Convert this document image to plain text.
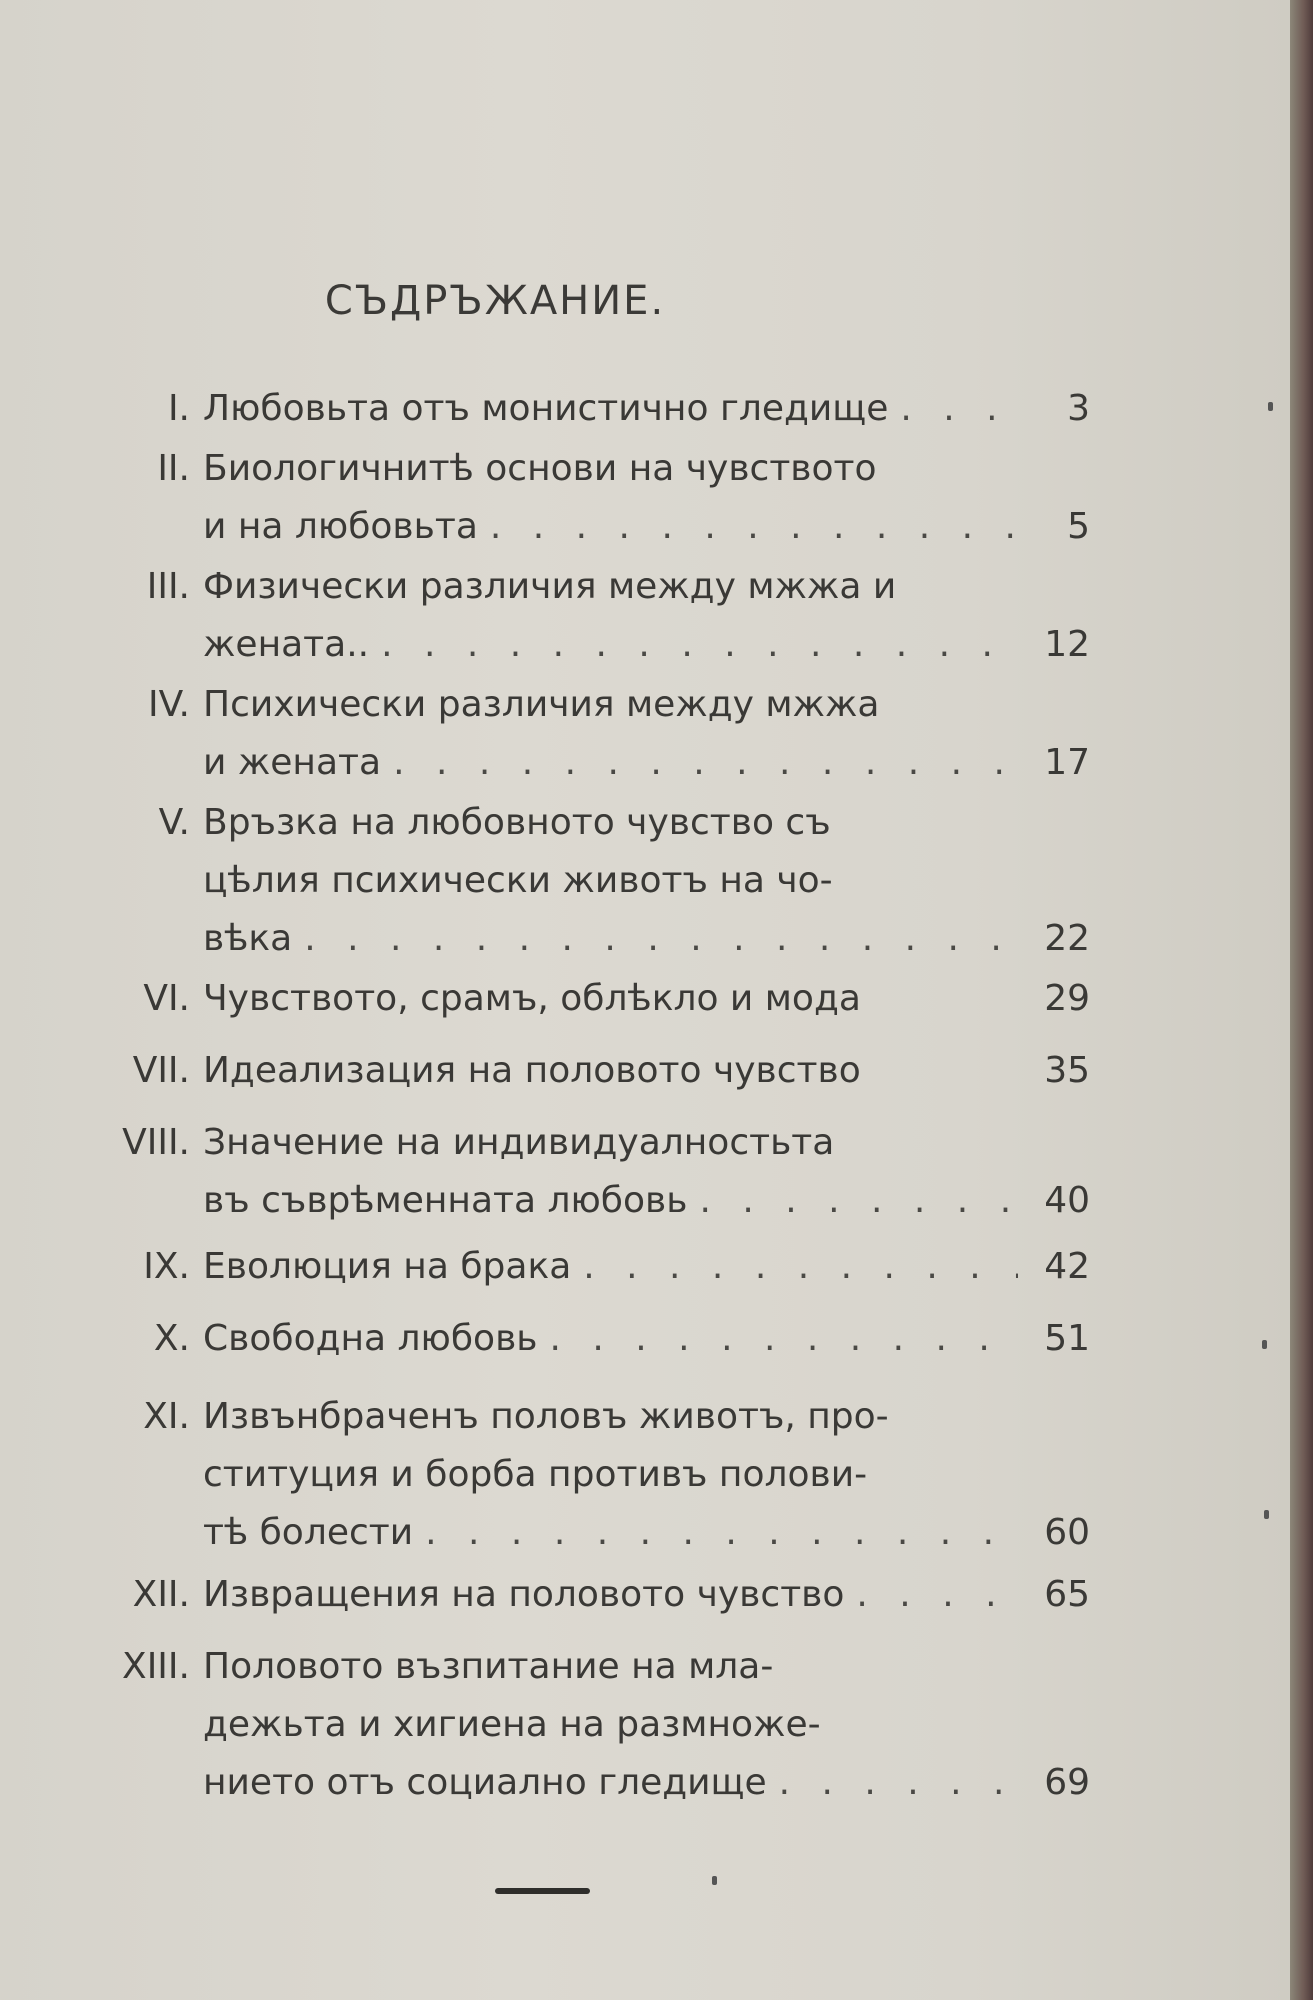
СЪДРЪЖАНИЕ.
I. Любовьта отъ монистично гледище . . .	3
II. Биологичнитѣ основи на чувството
и на любовьта . . .	5
III. Физически различия между мжжа и
жената.. . . .	12
IV. Психически различия между мжжа
и жената . . .	17
V. Връзка на любовното чувство съ
цѣлия психически животъ на чо-
вѣка . . .	22
VI. Чувството, срамъ, облѣкло и мода	29
VII. Идеализация на половото чувство	35
VIII. Значение на индивидуалностьта
въ съврѣменната любовь . . .	40
IX. Еволюция на брака . . .	42
X. Свободна любовь . . .	51
XI. Извънбраченъ половъ животъ, про-
ституция и борба противъ полови-
тѣ болести . . .	60
XII. Извращения на половото чувство . . .	65
XIII. Половото възпитание на мла-
дежьта и хигиена на размноже-
нието отъ социално гледище . . .	69
